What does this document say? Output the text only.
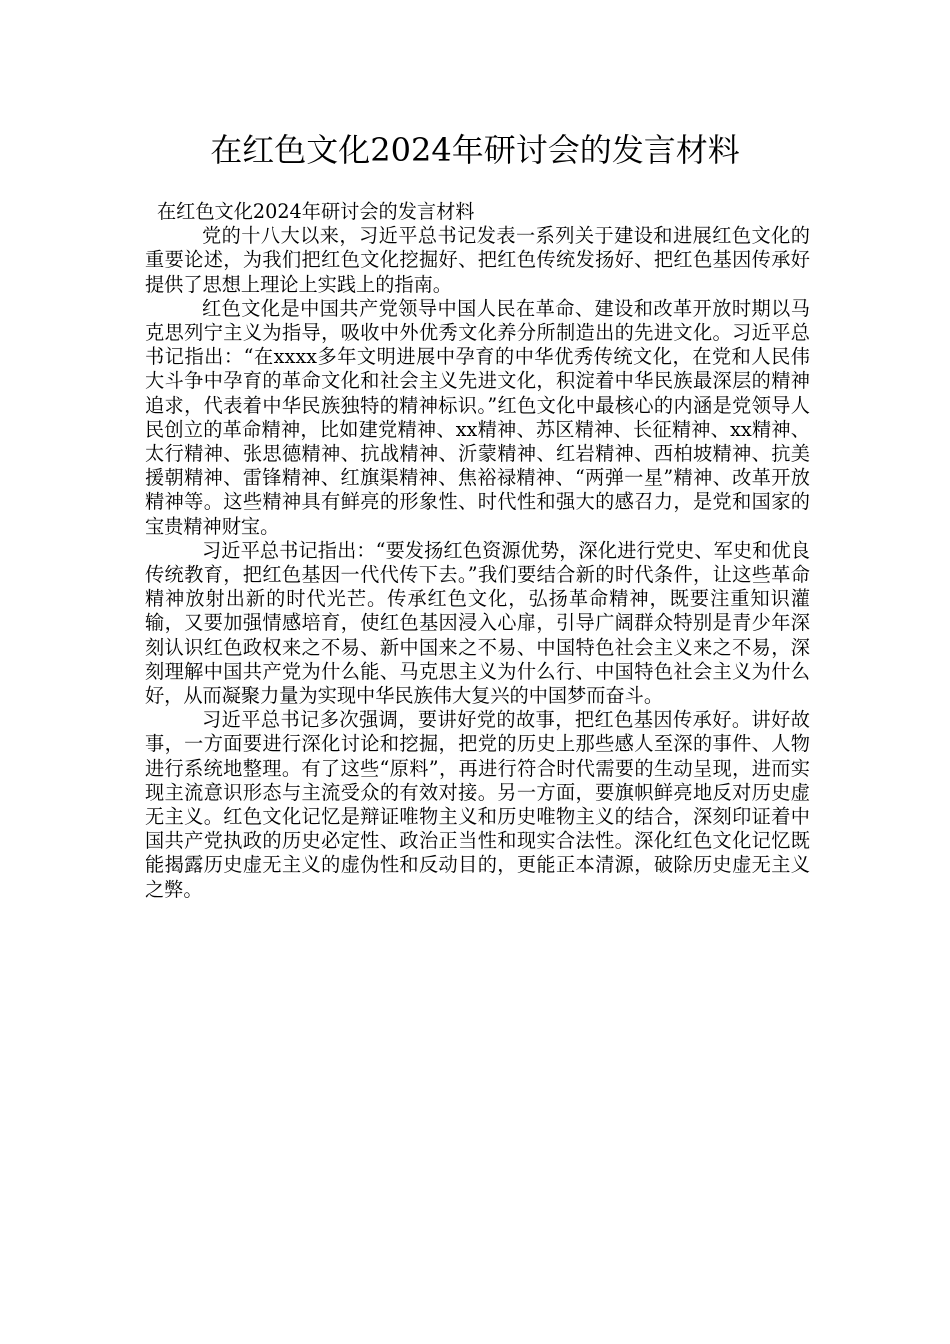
在红色文化2024年研讨会的发言材料

在红色文化2024年研讨会的发言材料

党的十八大以来，习近平总书记发表一系列关于建设和进展红色文化的重要论述，为我们把红色文化挖掘好、把红色传统发扬好、把红色基因传承好提供了思想上理论上实践上的指南。

红色文化是中国共产党领导中国人民在革命、建设和改革开放时期以马克思列宁主义为指导，吸收中外优秀文化养分所制造出的先进文化。习近平总书记指出：“在xxxx多年文明进展中孕育的中华优秀传统文化，在党和人民伟大斗争中孕育的革命文化和社会主义先进文化，积淀着中华民族最深层的精神追求，代表着中华民族独特的精神标识。”红色文化中最核心的内涵是党领导人民创立的革命精神，比如建党精神、xx精神、苏区精神、长征精神、xx精神、太行精神、张思德精神、抗战精神、沂蒙精神、红岩精神、西柏坡精神、抗美援朝精神、雷锋精神、红旗渠精神、焦裕禄精神、“两弹一星”精神、改革开放精神等。这些精神具有鲜亮的形象性、时代性和强大的感召力，是党和国家的宝贵精神财宝。

习近平总书记指出：“要发扬红色资源优势，深化进行党史、军史和优良传统教育，把红色基因一代代传下去。”我们要结合新的时代条件，让这些革命精神放射出新的时代光芒。传承红色文化，弘扬革命精神，既要注重知识灌输，又要加强情感培育，使红色基因浸入心扉，引导广阔群众特别是青少年深刻认识红色政权来之不易、新中国来之不易、中国特色社会主义来之不易，深刻理解中国共产党为什么能、马克思主义为什么行、中国特色社会主义为什么好，从而凝聚力量为实现中华民族伟大复兴的中国梦而奋斗。

习近平总书记多次强调，要讲好党的故事，把红色基因传承好。讲好故事，一方面要进行深化讨论和挖掘，把党的历史上那些感人至深的事件、人物进行系统地整理。有了这些“原料”，再进行符合时代需要的生动呈现，进而实现主流意识形态与主流受众的有效对接。另一方面，要旗帜鲜亮地反对历史虚无主义。红色文化记忆是辩证唯物主义和历史唯物主义的结合，深刻印证着中国共产党执政的历史必定性、政治正当性和现实合法性。深化红色文化记忆既能揭露历史虚无主义的虚伪性和反动目的，更能正本清源，破除历史虚无主义之弊。
